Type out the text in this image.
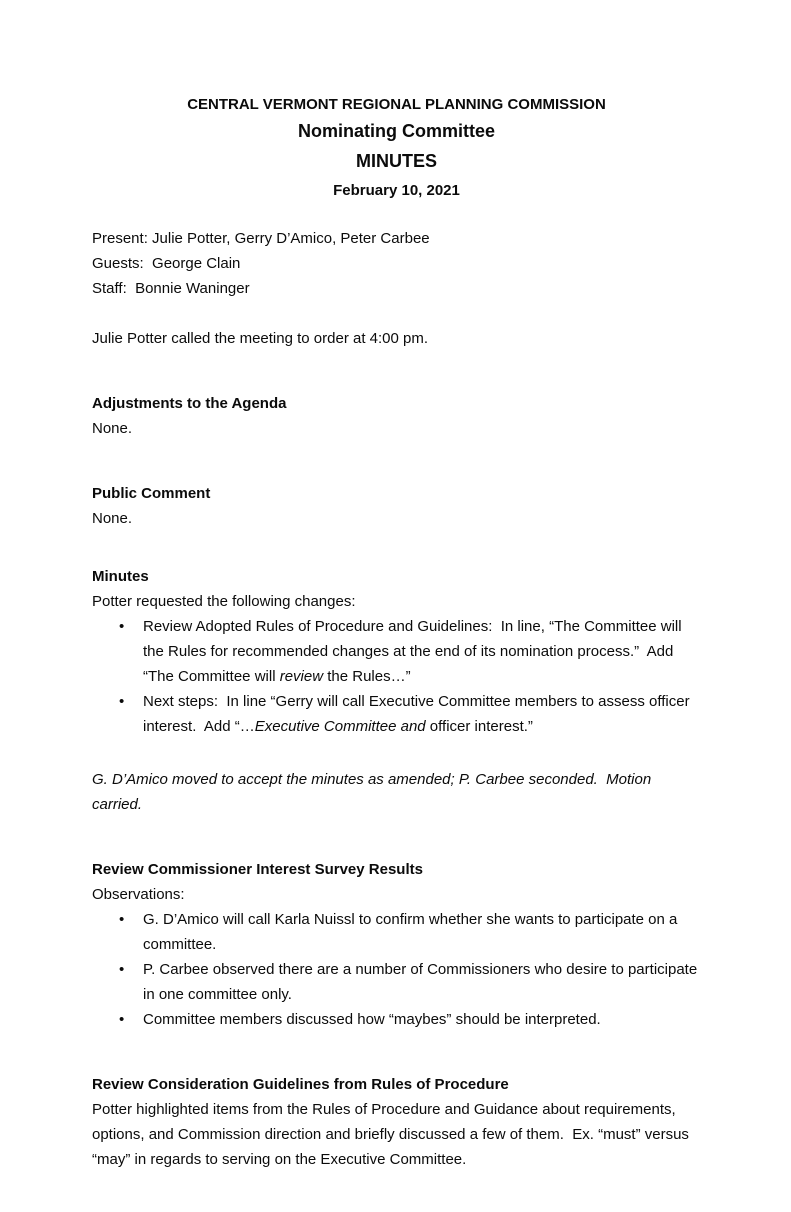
CENTRAL VERMONT REGIONAL PLANNING COMMISSION
Nominating Committee
MINUTES
February 10, 2021
Present: Julie Potter, Gerry D’Amico, Peter Carbee
Guests:  George Clain
Staff:  Bonnie Waninger
Julie Potter called the meeting to order at 4:00 pm.
Adjustments to the Agenda
None.
Public Comment
None.
Minutes
Potter requested the following changes:
• Review Adopted Rules of Procedure and Guidelines:  In line, “The Committee will the Rules for recommended changes at the end of its nomination process.”  Add “The Committee will review the Rules…”
• Next steps:  In line “Gerry will call Executive Committee members to assess officer interest.  Add “…Executive Committee and officer interest.”
G. D’Amico moved to accept the minutes as amended; P. Carbee seconded.  Motion carried.
Review Commissioner Interest Survey Results
Observations:
• G. D’Amico will call Karla Nuissl to confirm whether she wants to participate on a committee.
• P. Carbee observed there are a number of Commissioners who desire to participate in one committee only.
• Committee members discussed how “maybes” should be interpreted.
Review Consideration Guidelines from Rules of Procedure
Potter highlighted items from the Rules of Procedure and Guidance about requirements, options, and Commission direction and briefly discussed a few of them.  Ex. “must” versus “may” in regards to serving on the Executive Committee.
